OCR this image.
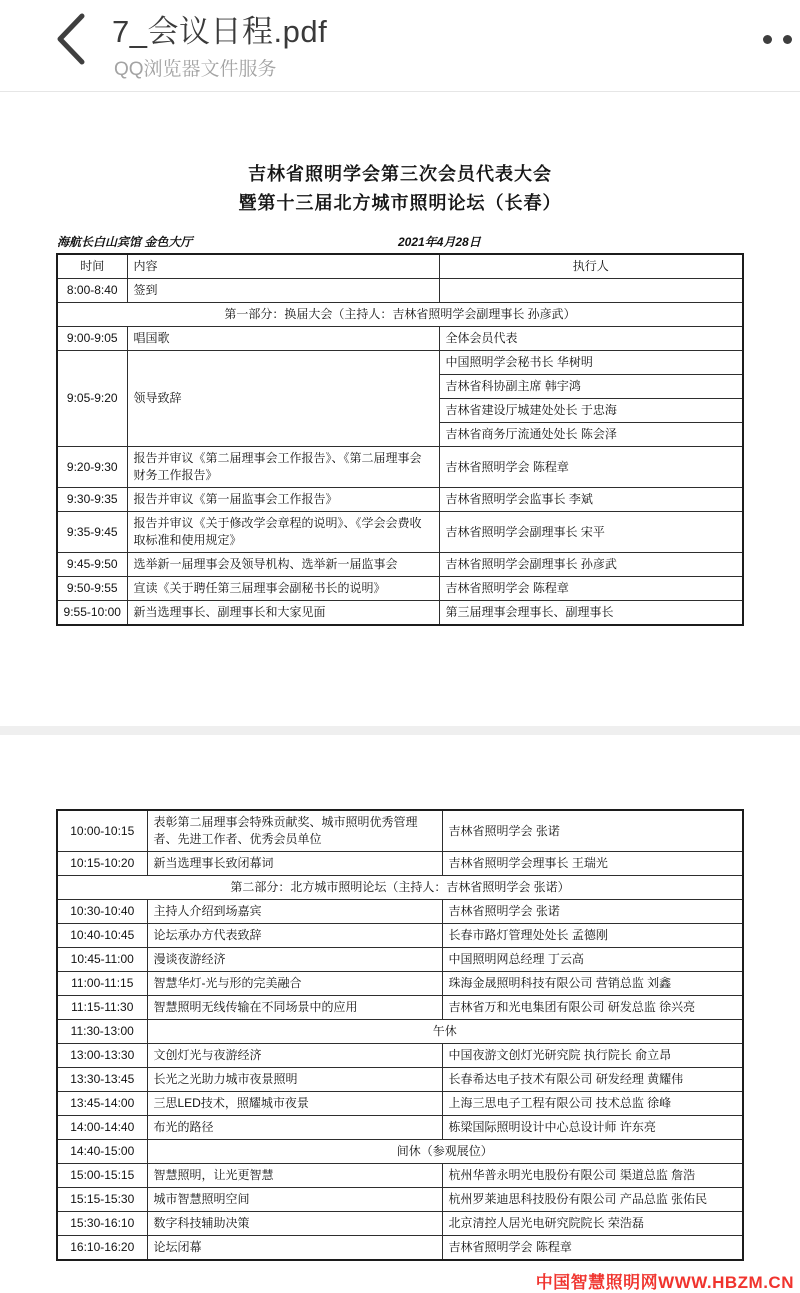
7_会议日程.pdf
QQ浏览器文件服务
吉林省照明学会第三次会员代表大会
暨第十三届北方城市照明论坛（长春）
海航长白山宾馆 金色大厅	2021年4月28日
时间	内容	执行人
8:00-8:40	签到	
第一部分：换届大会（主持人：吉林省照明学会副理事长 孙彦武）		
9:00-9:05	唱国歌	全体会员代表
9:05-9:20	领导致辞	中国照明学会秘书长 华树明
		吉林省科协副主席 韩宇鸿
		吉林省建设厅城建处处长 于忠海
		吉林省商务厅流通处处长 陈会泽
9:20-9:30	报告并审议《第二届理事会工作报告》、《第二届理事会财务工作报告》	吉林省照明学会 陈程章
9:30-9:35	报告并审议《第一届监事会工作报告》	吉林省照明学会监事长 李斌
9:35-9:45	报告并审议《关于修改学会章程的说明》、《学会会费收取标准和使用规定》	吉林省照明学会副理事长 宋平
9:45-9:50	选举新一届理事会及领导机构、选举新一届监事会	吉林省照明学会副理事长 孙彦武
9:50-9:55	宣读《关于聘任第三届理事会副秘书长的说明》	吉林省照明学会 陈程章
9:55-10:00	新当选理事长、副理事长和大家见面	第三届理事会理事长、副理事长
10:00-10:15	表彰第二届理事会特殊贡献奖、城市照明优秀管理者、先进工作者、优秀会员单位	吉林省照明学会 张诺
10:15-10:20	新当选理事长致闭幕词	吉林省照明学会理事长 王瑞光
第二部分：北方城市照明论坛（主持人：吉林省照明学会 张诺）		
10:30-10:40	主持人介绍到场嘉宾	吉林省照明学会 张诺
10:40-10:45	论坛承办方代表致辞	长春市路灯管理处处长 孟德刚
10:45-11:00	漫谈夜游经济	中国照明网总经理 丁云高
11:00-11:15	智慧华灯-光与形的完美融合	珠海金晟照明科技有限公司 营销总监 刘鑫
11:15-11:30	智慧照明无线传输在不同场景中的应用	吉林省万和光电集团有限公司 研发总监 徐兴亮
11:30-13:00	午休	
13:00-13:30	文创灯光与夜游经济	中国夜游文创灯光研究院 执行院长 俞立昂
13:30-13:45	长光之光助力城市夜景照明	长春希达电子技术有限公司 研发经理 黄耀伟
13:45-14:00	三思LED技术，照耀城市夜景	上海三思电子工程有限公司 技术总监 徐峰
14:00-14:40	布光的路径	栋梁国际照明设计中心总设计师 许东亮
14:40-15:00	间休（参观展位）	
15:00-15:15	智慧照明，让光更智慧	杭州华普永明光电股份有限公司 渠道总监 詹浩
15:15-15:30	城市智慧照明空间	杭州罗莱迪思科技股份有限公司 产品总监 张佑民
15:30-16:10	数字科技辅助决策	北京清控人居光电研究院院长 荣浩磊
16:10-16:20	论坛闭幕	吉林省照明学会 陈程章
中国智慧照明网WWW.HBZM.CN
